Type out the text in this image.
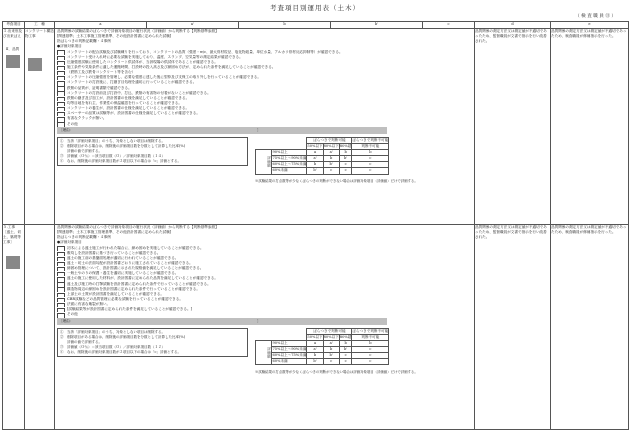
考査項目別運用表（土木）
（ 検 査 職 員 ⑪ ）
考査項目	工　種	a	a'	b	b'	c	d	e

３.出来形及び出来ばえ
Ⅱ．品質

コンクリート構造物工事

品質関係の試験結果のばらつきで評価対象項目の履行状況（評価値）から判断する【判断基準参照】
[関連基準」土木工事施工管理基準、その他設計図書に定められた試験]
指ばらつきの判断記載欄・４事例
●評価対象項目
コンクリートの配合試験及び試験練りを行っており、コンクリートの品質（強度・w/c、最大骨材粒径、塩化物総量、単位水量、アルカリ骨材反応抑制等）が確認できる。
コンクリート受け入れ時に必要な試験を実施しており、温度、スランプ、空気量等の測定結果が確認できる。
圧縮強度試験に使用したコンクリート供試体が、当該現場の供試体であることが確認できる。
施工条件や気象条件に適した運搬時間、打設時の投入高さ及び締固め方法が、定められた条件を満足していることが確認できる。
（鉄筋工及び鉄骨コンクリート等を含む）
コンクリートの圧縮強度を管理し、必要な強度に達した後に型枠及び支保工の取り外しを行っていることが確認できる。
コンクリートの打設後に、打継ぎ目処理を適切に行っていることが確認できる。
鉄筋の品質が、証明書類で確認できる。
コンクリートの打設前及び打設中、打込、鉄筋の有害物の付着がないことが確認できる。
鉄筋の継ぎ及び加工が、設計図書の仕様を満足していることが確認できる。
均等目地を有れ主、作業性の保温確認を行っていることが確認できる。
コンクリートの養生が、設計図書の仕様を満足していることが確認できる。
スペーサーの品質は試験等が、設計図書の仕様を満足していることが確認できる。
有害なクラックが無い。
その他
［理由：	］
①　当該「評価対象項目」のうち、対象としない項目は削除する。
②　削除項目がある場合は、削除後の評価項目数を分数として計算した比率(%)
　　評価の値で評価する。
③　評価値（Ｏ％）＝該当項目数（Ｏ）／評価対象項目数（１４）
④　なお、削除後の評価対象項目数が２項目以下の場合は「c」評価とする。
	ばらつきで判断可能	ばらつきで判断不可能
	50%以下	80%以下	80%超	判断不可能
評価値	90%以上	a	a'	b	b
75%以上～90%未満	a'	b	b'	c
60%以上～75%未満	b	b'	c	c
60%未満	b'	c	c	c
※試験結果の打点数等が少なくばらつきの判断ができない場合は評価対象項目（評価値）だけで評価する。
	品質関係の測定方法又は測定値が不適切であったため、監督職員が文書で指示を行い改善された。	品質関係の測定方法又は測定値が不適切であったため、検査職員が修補指示を行った。

５.工事
［盛土、切土、築堤等工事］

品質関係の試験結果のばらつきで評価対象項目の履行状況（評価値）から判断する【判断基準参照】
[関連基準」土木工事施工管理基準、その他設計図書に定められた試験]
指ばらつきの判断記載欄・４事例
●評価対象項目
初木による盛土施工が行われた場合に、締め固めを実施していることが確認できる。
敷均しを設計図書に基づき行っていることが確認できる。
盛土の施工前の基盤面処理が適切に行われていることが確認できる。
盛土・切土の法面勾配が設計図書どおりに施工されていることが確認できる。
締固め管理について、設計図書に示された規格値を満足していることが確認できる。
一般土やのりの保護・養生を適切に実施していることが確認できる。
盛土の施工に使用した材料が、設計図書に定められた品質を満足していることが確認できる。
盛土及び施工時の打撃試験を設計図書に定められた条件で行っていることが確認できる。
構造物周辺の締固めを設計図書に定められた条件で行っていることが確認できる。
上部土の土質が設計図書を満足していることが確認できる。
CBR試験などの品質管理に必要な試験を行っていることが確認できる。
法面に有害な亀裂が無い。
[試験結果等が設計図書に定められた条件を満足していることが確認できる。]
その他
［理由：	］
①　当該「評価対象項目」のうち、対象としない項目は削除する。
②　削除項目がある場合は、削除後の評価項目数を分数として計算した比率(%)
　　評価の値で評価する。
③　評価値（Ｏ％）＝該当項目数（Ｏ）／評価対象項目数（１２）
④　なお、削除後の評価対象項目数が２項目以下の場合は「c」評価とする。
	ばらつきで判断可能	ばらつきで判断不可能
	50%以下	80%以下	80%超	判断不可能
評価値	90%以上	a	a'	b	b
75%以上～90%未満	a'	b	b'	c
60%以上～75%未満	b	b'	c	c
60%未満	b'	c	c	c
※試験結果の打点数等が少なくばらつきの判断ができない場合は評価対象項目（評価値）だけで評価する。
	品質関係の測定方法又は測定値が不適切であったため、監督職員が文書で指示を行い改善された。	品質関係の測定方法又は測定値が不適切であったため、検査職員が修補指示を行った。
